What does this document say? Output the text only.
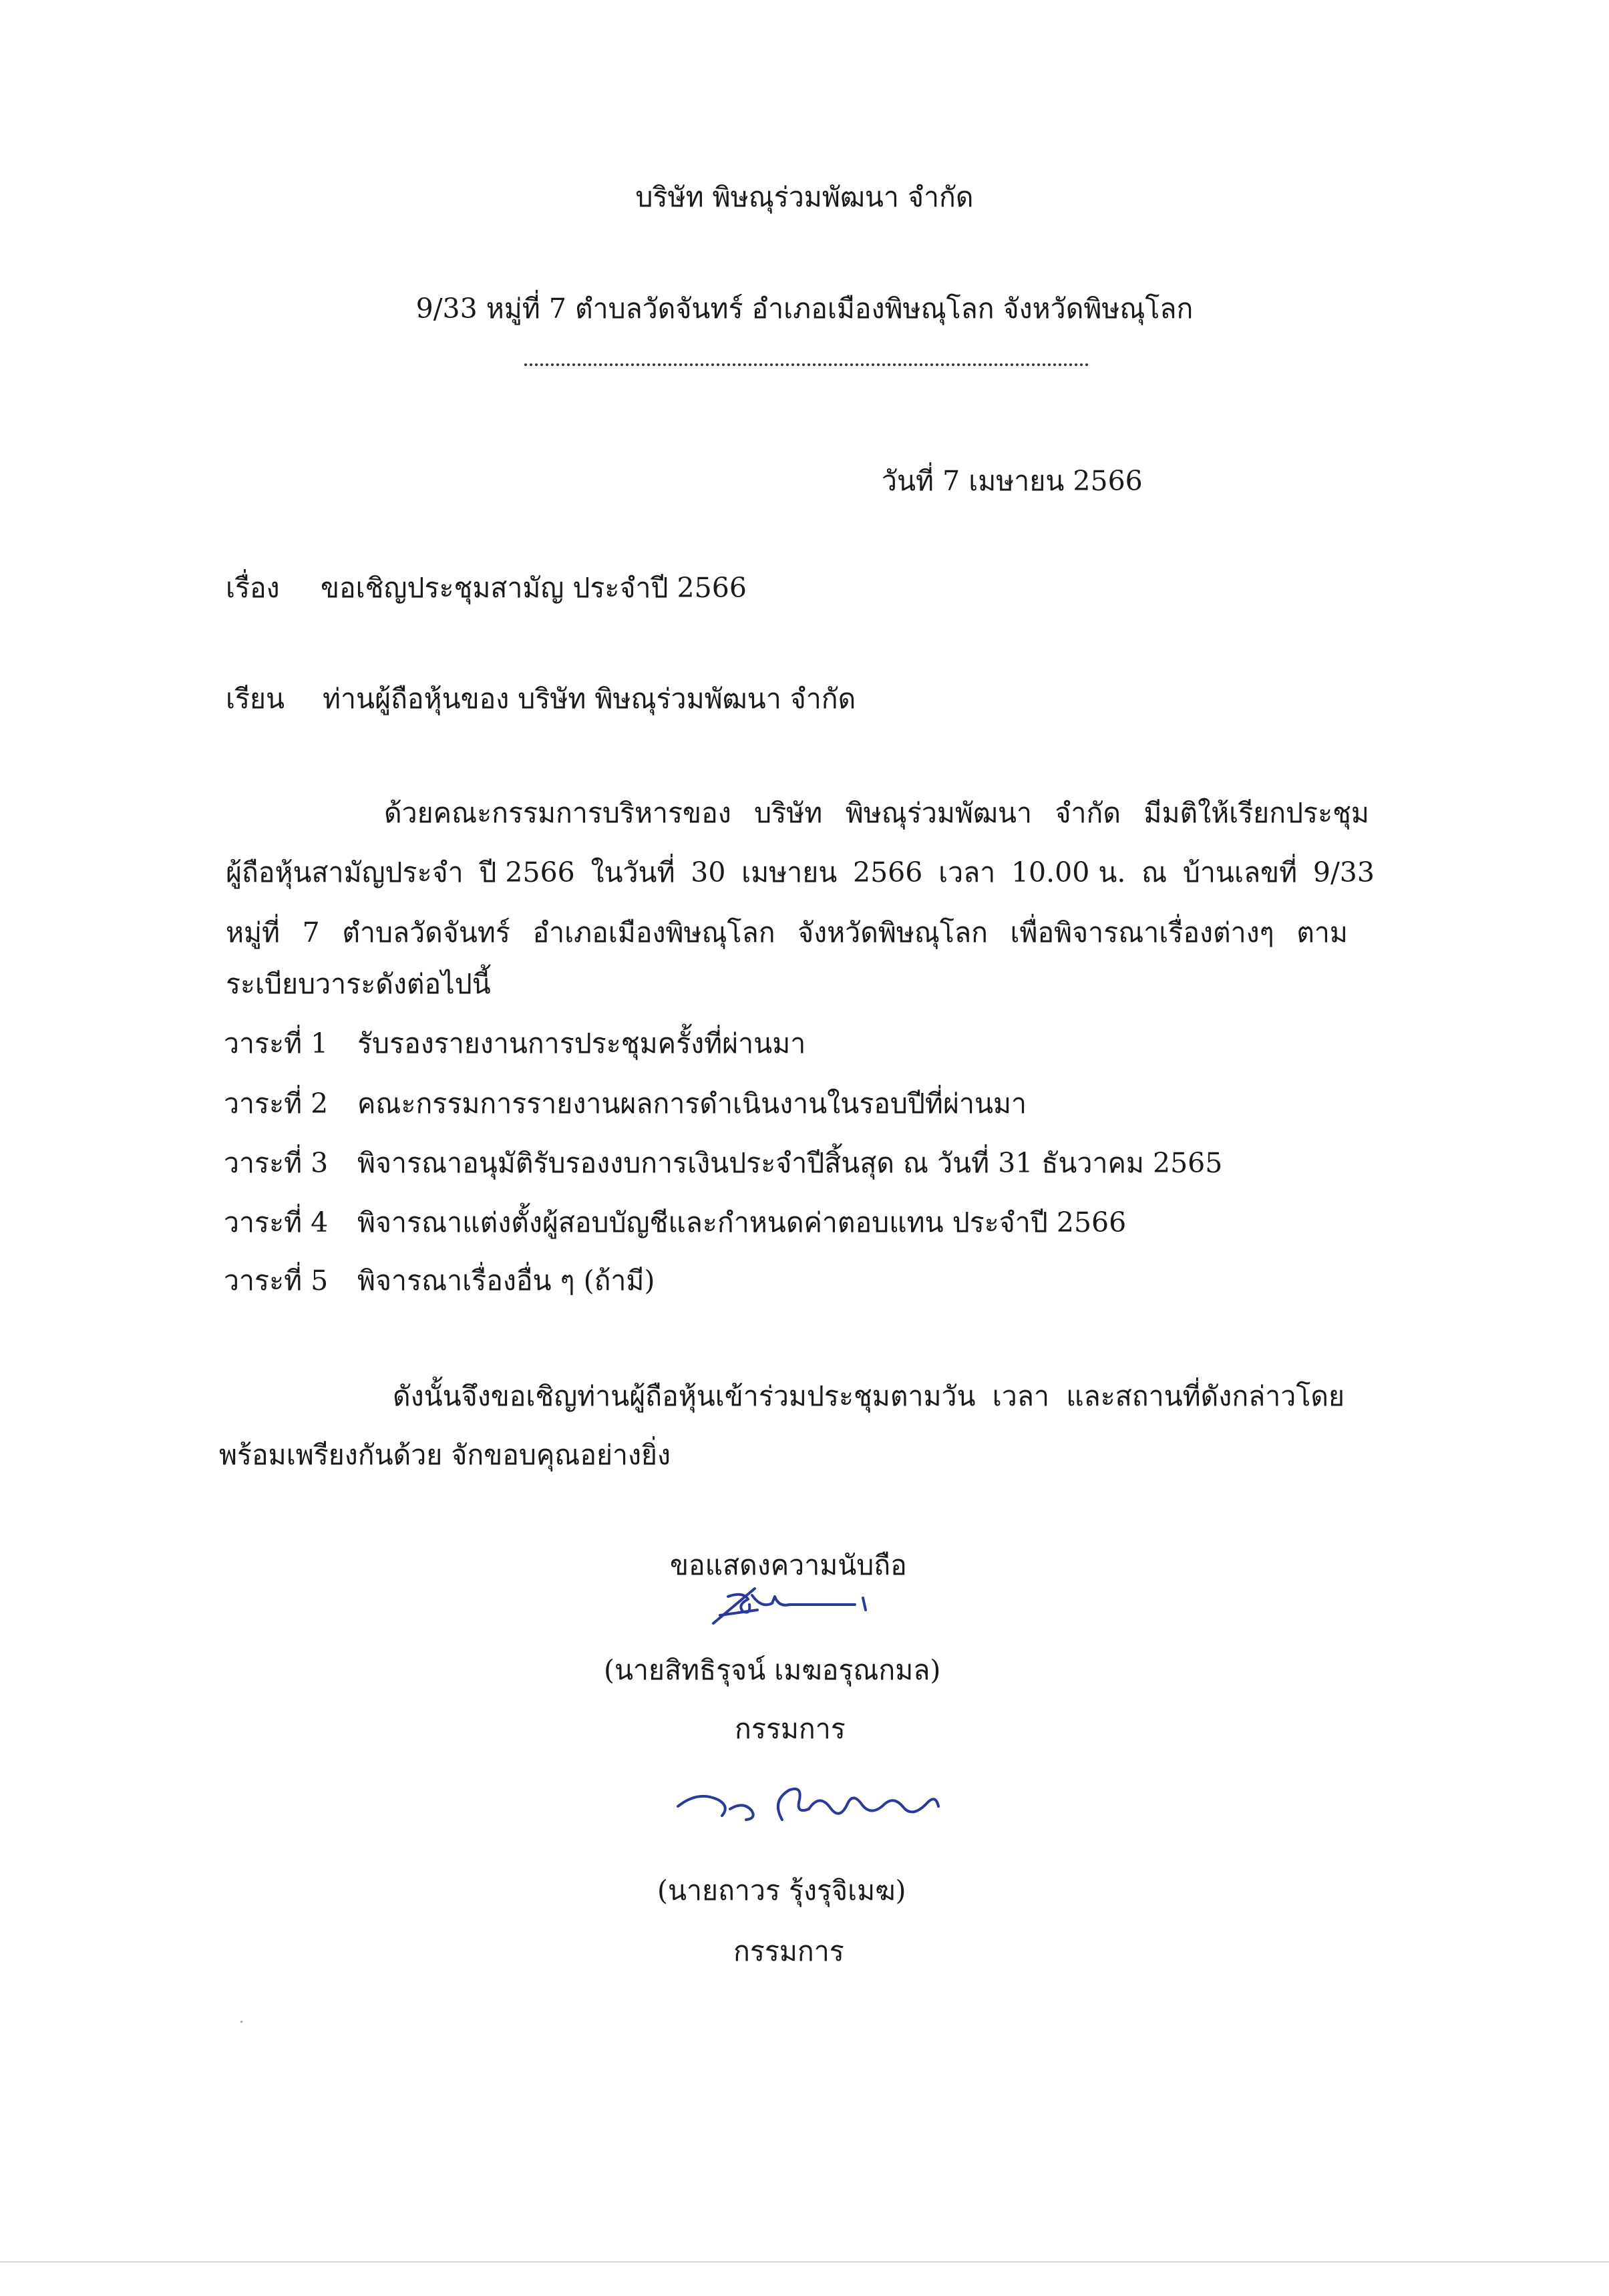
บริษัท พิษณุร่วมพัฒนา จำกัด
9/33 หมู่ที่ 7 ตำบลวัดจันทร์ อำเภอเมืองพิษณุโลก จังหวัดพิษณุโลก
วันที่ 7 เมษายน 2566
เรื่อง ขอเชิญประชุมสามัญ ประจำปี 2566
เรียน ท่านผู้ถือหุ้นของ บริษัท พิษณุร่วมพัฒนา จำกัด
ด้วยคณะกรรมการบริหารของ บริษัท พิษณุร่วมพัฒนา จำกัด มีมติให้เรียกประชุม
ผู้ถือหุ้นสามัญประจำ ปี 2566 ในวันที่ 30 เมษายน 2566 เวลา 10.00 น. ณ บ้านเลขที่ 9/33
หมู่ที่ 7 ตำบลวัดจันทร์ อำเภอเมืองพิษณุโลก จังหวัดพิษณุโลก เพื่อพิจารณาเรื่องต่างๆ ตาม
ระเบียบวาระดังต่อไปนี้
วาระที่ 1 รับรองรายงานการประชุมครั้งที่ผ่านมา
วาระที่ 2 คณะกรรมการรายงานผลการดำเนินงานในรอบปีที่ผ่านมา
วาระที่ 3 พิจารณาอนุมัติรับรองงบการเงินประจำปีสิ้นสุด ณ วันที่ 31 ธันวาคม 2565
วาระที่ 4 พิจารณาแต่งตั้งผู้สอบบัญชีและกำหนดค่าตอบแทน ประจำปี 2566
วาระที่ 5 พิจารณาเรื่องอื่น ๆ (ถ้ามี)
ดังนั้นจึงขอเชิญท่านผู้ถือหุ้นเข้าร่วมประชุมตามวัน เวลา และสถานที่ดังกล่าวโดย
พร้อมเพรียงกันด้วย จักขอบคุณอย่างยิ่ง
ขอแสดงความนับถือ
(นายสิทธิรุจน์ เมฆอรุณกมล)
กรรมการ
(นายถาวร รุ้งรุจิเมฆ)
กรรมการ
